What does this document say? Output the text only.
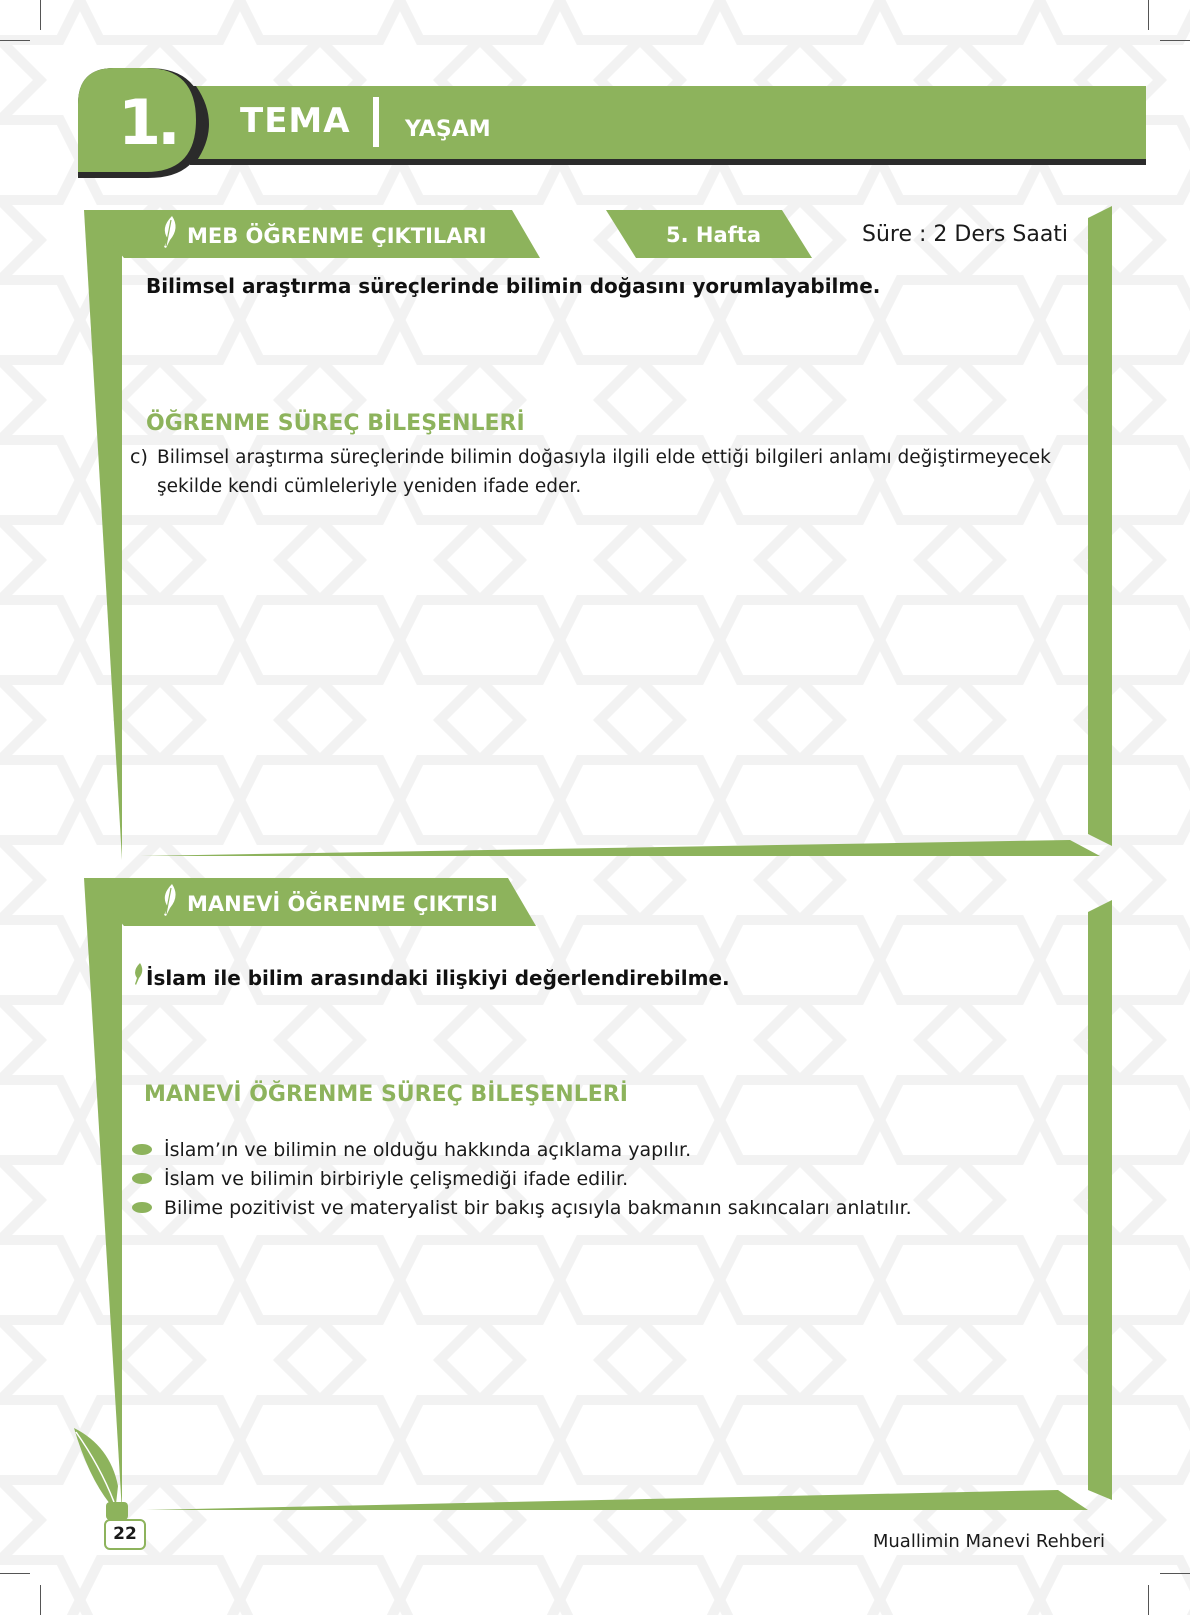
1. TEMA YAŞAM
MEB ÖĞRENME ÇIKTILARI	5. Hafta	Süre : 2 Ders Saati
Bilimsel araştırma süreçlerinde bilimin doğasını yorumlayabilme.
ÖĞRENME SÜREÇ BİLEŞENLERİ
c) Bilimsel araştırma süreçlerinde bilimin doğasıyla ilgili elde ettiği bilgileri anlamı değiştirmeyecek
şekilde kendi cümleleriyle yeniden ifade eder.
MANEVİ ÖĞRENME ÇIKTISI
İslam ile bilim arasındaki ilişkiyi değerlendirebilme.
MANEVİ ÖĞRENME SÜREÇ BİLEŞENLERİ
İslam’ın ve bilimin ne olduğu hakkında açıklama yapılır.
İslam ve bilimin birbiriyle çelişmediği ifade edilir.
Bilime pozitivist ve materyalist bir bakış açısıyla bakmanın sakıncaları anlatılır.
22	Muallimin Manevi Rehberi
